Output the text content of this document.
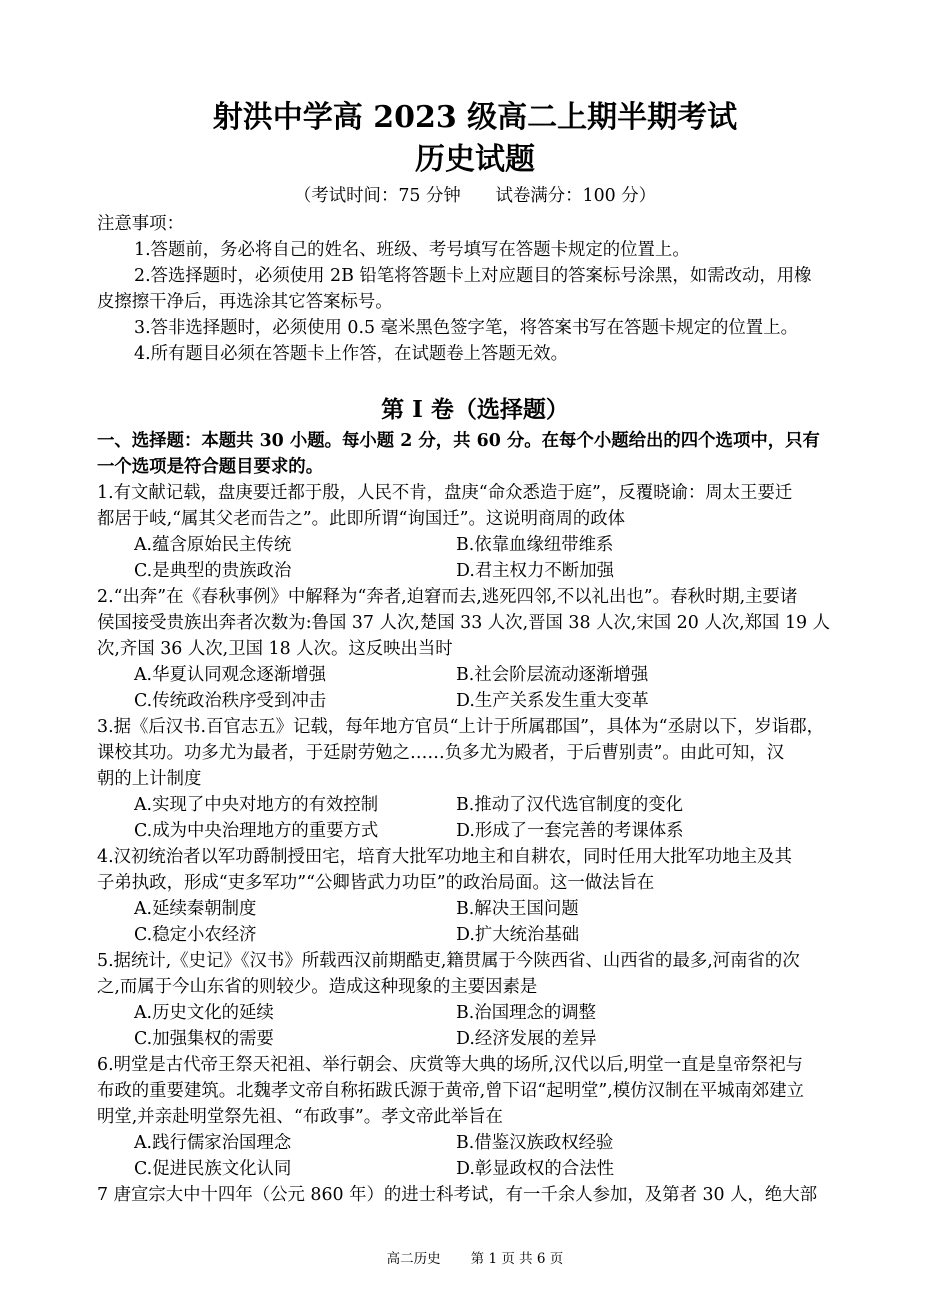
射洪中学高 2023 级高二上期半期考试
历史试题
（考试时间：75 分钟　　试卷满分：100 分）
注意事项：
1.答题前，务必将自己的姓名、班级、考号填写在答题卡规定的位置上。
2.答选择题时，必须使用 2B 铅笔将答题卡上对应题目的答案标号涂黑，如需改动，用橡
皮擦擦干净后，再选涂其它答案标号。
3.答非选择题时，必须使用 0.5 毫米黑色签字笔，将答案书写在答题卡规定的位置上。
4.所有题目必须在答题卡上作答，在试题卷上答题无效。
第 I 卷（选择题）
一、选择题：本题共 30 小题。每小题 2 分，共 60 分。在每个小题给出的四个选项中，只有
一个选项是符合题目要求的。
1.有文献记载，盘庚要迁都于殷，人民不肯，盘庚“命众悉造于庭”，反覆晓谕：周太王要迁
都居于岐,“属其父老而告之”。此即所谓“询国迁”。这说明商周的政体
A.蕴含原始民主传统	B.依靠血缘纽带维系
C.是典型的贵族政治	D.君主权力不断加强
2.“出奔”在《春秋事例》中解释为“奔者,迫窘而去,逃死四邻,不以礼出也”。春秋时期,主要诸
侯国接受贵族出奔者次数为:鲁国 37 人次,楚国 33 人次,晋国 38 人次,宋国 20 人次,郑国 19 人
次,齐国 36 人次,卫国 18 人次。这反映出当时
A.华夏认同观念逐渐增强	B.社会阶层流动逐渐增强
C.传统政治秩序受到冲击	D.生产关系发生重大变革
3.据《后汉书.百官志五》记载，每年地方官员“上计于所属郡国”，具体为“丞尉以下，岁诣郡，
课校其功。功多尤为最者，于廷尉劳勉之……负多尤为殿者，于后曹别责”。由此可知，汉
朝的上计制度
A.实现了中央对地方的有效控制	B.推动了汉代选官制度的变化
C.成为中央治理地方的重要方式	D.形成了一套完善的考课体系
4.汉初统治者以军功爵制授田宅，培育大批军功地主和自耕农，同时任用大批军功地主及其
子弟执政，形成“吏多军功”“公卿皆武力功臣”的政治局面。这一做法旨在
A.延续秦朝制度	B.解决王国问题
C.稳定小农经济	D.扩大统治基础
5.据统计,《史记》《汉书》所载西汉前期酷吏,籍贯属于今陕西省、山西省的最多,河南省的次
之,而属于今山东省的则较少。造成这种现象的主要因素是
A.历史文化的延续	B.治国理念的调整
C.加强集权的需要	D.经济发展的差异
6.明堂是古代帝王祭天祀祖、举行朝会、庆赏等大典的场所,汉代以后,明堂一直是皇帝祭祀与
布政的重要建筑。北魏孝文帝自称拓跋氏源于黄帝,曾下诏“起明堂”,模仿汉制在平城南郊建立
明堂,并亲赴明堂祭先祖、“布政事”。孝文帝此举旨在
A.践行儒家治国理念	B.借鉴汉族政权经验
C.促进民族文化认同	D.彰显政权的合法性
7 唐宣宗大中十四年（公元 860 年）的进士科考试，有一千余人参加，及第者 30 人，绝大部
高二历史 第 1 页 共 6 页
